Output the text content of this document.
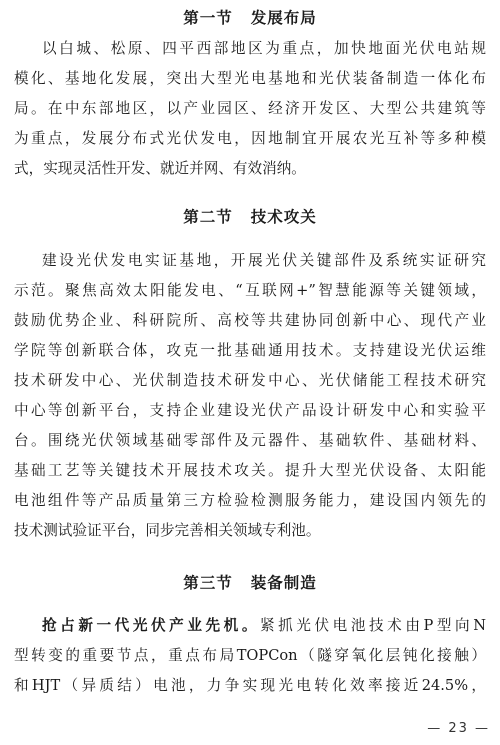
第一节 发展布局
以白城、松原、四平西部地区为重点，加快地面光伏电站规
模化、基地化发展，突出大型光电基地和光伏装备制造一体化布
局。在中东部地区，以产业园区、经济开发区、大型公共建筑等
为重点，发展分布式光伏发电，因地制宜开展农光互补等多种模
式，实现灵活性开发、就近并网、有效消纳。
第二节 技术攻关
建设光伏发电实证基地，开展光伏关键部件及系统实证研究
示范。聚焦高效太阳能发电、“互联网+”智慧能源等关键领域，
鼓励优势企业、科研院所、高校等共建协同创新中心、现代产业
学院等创新联合体，攻克一批基础通用技术。支持建设光伏运维
技术研发中心、光伏制造技术研发中心、光伏储能工程技术研究
中心等创新平台，支持企业建设光伏产品设计研发中心和实验平
台。围绕光伏领域基础零部件及元器件、基础软件、基础材料、
基础工艺等关键技术开展技术攻关。提升大型光伏设备、太阳能
电池组件等产品质量第三方检验检测服务能力，建设国内领先的
技术测试验证平台，同步完善相关领域专利池。
第三节 装备制造
抢占新一代光伏产业先机。紧抓光伏电池技术由P型向N
型转变的重要节点，重点布局TOPCon（隧穿氧化层钝化接触）
和HJT（异质结）电池，力争实现光电转化效率接近24.5%，
— 23 —
